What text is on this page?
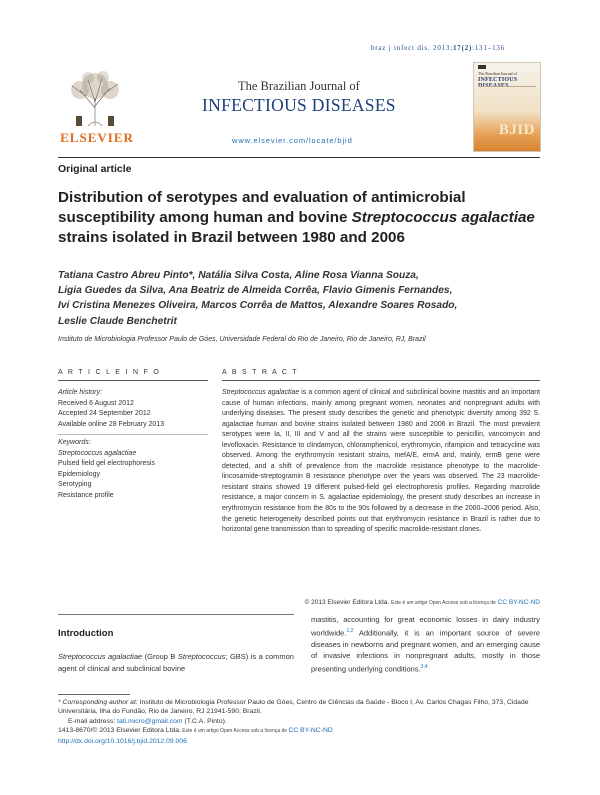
braz j infect dis. 2013;17(2):131–136
ELSEVIER
The Brazilian Journal of
INFECTIOUS DISEASES
www.elsevier.com/locate/bjid
The Brazilian Journal of
INFECTIOUS
BJID
Original article
Distribution of serotypes and evaluation of antimicrobial susceptibility among human and bovine Streptococcus agalactiae strains isolated in Brazil between 1980 and 2006
Tatiana Castro Abreu Pinto*, Natália Silva Costa, Aline Rosa Vianna Souza,
Ligia Guedes da Silva, Ana Beatriz de Almeida Corrêa, Flavio Gimenis Fernandes,
Ivi Cristina Menezes Oliveira, Marcos Corrêa de Mattos, Alexandre Soares Rosado,
Leslie Claude Benchetrit
Instituto de Microbiologia Professor Paulo de Góes, Universidade Federal do Rio de Janeiro, Rio de Janeiro, RJ, Brazil
A R T I C L E I N F O	A B S T R A C T
Article history:
Received 6 August 2012
Accepted 24 September 2012
Available online 28 February 2013
Keywords:
Streptococcus agalactiae
Pulsed field gel electrophoresis
Epidemiology
Serotyping
Resistance profile
Streptococcus agalactiae is a common agent of clinical and subclinical bovine mastitis and an important cause of human infections, mainly among pregnant women, neonates and nonpregnant adults with underlying diseases. The present study describes the genetic and phenotypic diversity among 392 S. agalactiae human and bovine strains isolated between 1980 and 2006 in Brazil. The most prevalent serotypes were Ia, II, III and V and all the strains were susceptible to penicillin, vancomycin and levofloxacin. Resistance to clindamycin, chloramphenicol, erythromycin, rifampicin and tetracycline was observed. Among the erythromycin resistant strains, mefA/E, ermA and, mainly, ermB gene were detected, and a shift of prevalence from the macrolide resistance phenotype to the macrolide-lincosamide-streptogramin B resistance phenotype over the years was observed. The 23 macrolide-resistant strains showed 19 different pulsed-field gel electrophoresis profiles. Regarding macrolide resistance, a major concern in S. agalactiae epidemiology, the present study describes an increase in erythromycin resistance from the 80s to the 90s followed by a decrease in the 2000–2006 period. Also, the genetic heterogeneity described points out that erythromycin resistance in Brazil is rather due to horizontal gene transmission than to spreading of specific macrolide-resistant clones.
© 2013 Elsevier Editora Ltda. Este é um artigo Open Access sob a licença de CC BY-NC-ND
Introduction
Streptococcus agalactiae (Group B Streptococcus; GBS) is a common agent of clinical and subclinical bovine
mastitis, accounting for great economic losses in dairy industry worldwide.$^{1,2}$ Additionally, it is an important source of severe diseases in newborns and pregnant women, and an emerging cause of invasive infections in nonpregnant adults, mostly in those presenting underlying conditions.$^{3,4}$
* Corresponding author at: Instituto de Microbiologia Professor Paulo de Góes, Centro de Ciências da Saúde - Bloco I, Av. Carlos Chagas Filho, 373, Cidade Universitária, Ilha do Fundão, Rio de Janeiro, RJ 21941-590, Brazil.
E-mail address: tati.micro@gmail.com (T.C.A. Pinto).
1413-8670/© 2013 Elsevier Editora Ltda. Este é um artigo Open Access sob a licença de CC BY-NC-ND
http://dx.doi.org/10.1016/j.bjid.2012.09.006
